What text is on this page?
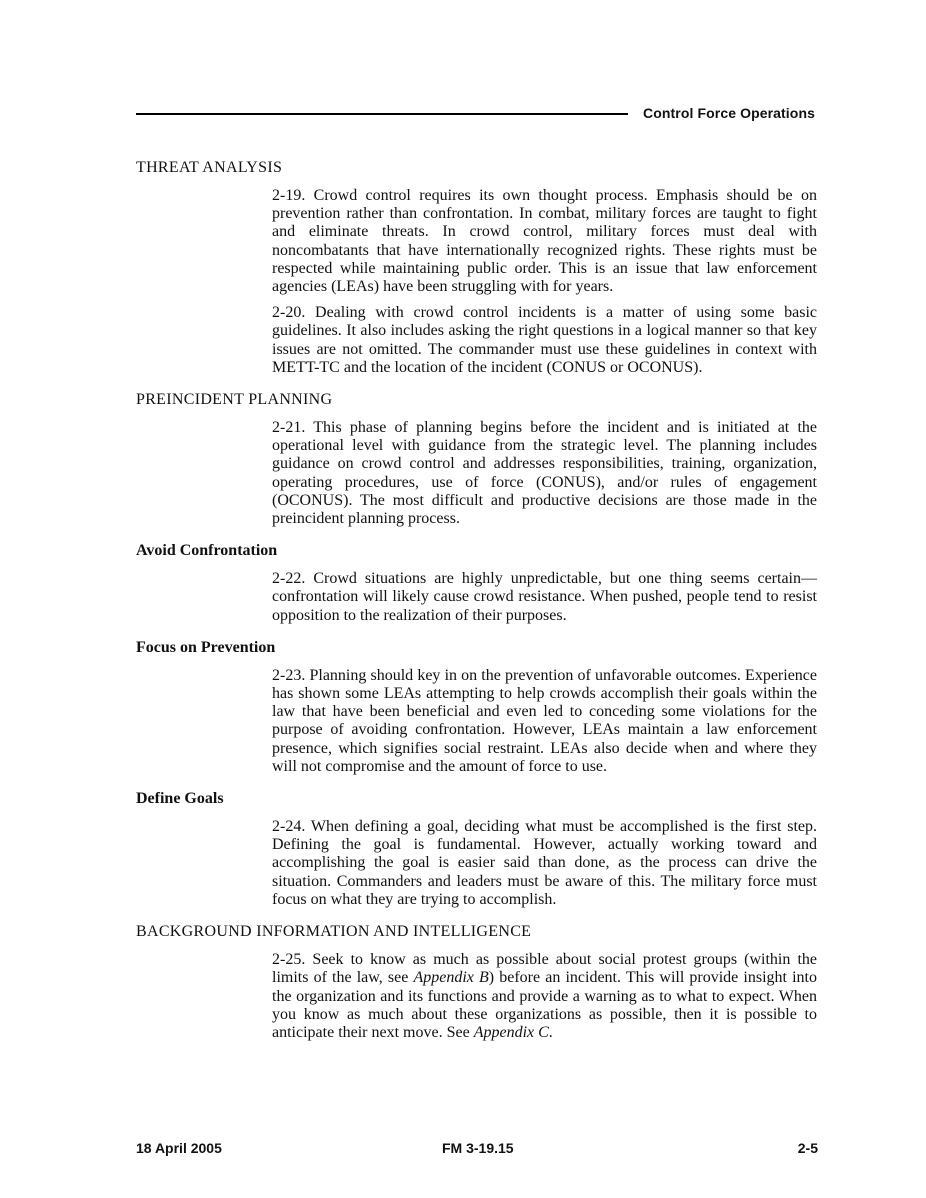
Control Force Operations
THREAT ANALYSIS

2-19. Crowd control requires its own thought process. Emphasis should be on prevention rather than confrontation. In combat, military forces are taught to fight and eliminate threats. In crowd control, military forces must deal with noncombatants that have internationally recognized rights. These rights must be respected while maintaining public order. This is an issue that law enforcement agencies (LEAs) have been struggling with for years.

2-20. Dealing with crowd control incidents is a matter of using some basic guidelines. It also includes asking the right questions in a logical manner so that key issues are not omitted. The commander must use these guidelines in context with METT-TC and the location of the incident (CONUS or OCONUS).

PREINCIDENT PLANNING

2-21. This phase of planning begins before the incident and is initiated at the operational level with guidance from the strategic level. The planning includes guidance on crowd control and addresses responsibilities, training, organization, operating procedures, use of force (CONUS), and/or rules of engagement (OCONUS). The most difficult and productive decisions are those made in the preincident planning process.

Avoid Confrontation

2-22. Crowd situations are highly unpredictable, but one thing seems certain—confrontation will likely cause crowd resistance. When pushed, people tend to resist opposition to the realization of their purposes.

Focus on Prevention

2-23. Planning should key in on the prevention of unfavorable outcomes. Experience has shown some LEAs attempting to help crowds accomplish their goals within the law that have been beneficial and even led to conceding some violations for the purpose of avoiding confrontation. However, LEAs maintain a law enforcement presence, which signifies social restraint. LEAs also decide when and where they will not compromise and the amount of force to use.

Define Goals

2-24. When defining a goal, deciding what must be accomplished is the first step. Defining the goal is fundamental. However, actually working toward and accomplishing the goal is easier said than done, as the process can drive the situation. Commanders and leaders must be aware of this. The military force must focus on what they are trying to accomplish.

BACKGROUND INFORMATION AND INTELLIGENCE

2-25. Seek to know as much as possible about social protest groups (within the limits of the law, see Appendix B) before an incident. This will provide insight into the organization and its functions and provide a warning as to what to expect. When you know as much about these organizations as possible, then it is possible to anticipate their next move. See Appendix C.

18 April 2005	FM 3-19.15	2-5
